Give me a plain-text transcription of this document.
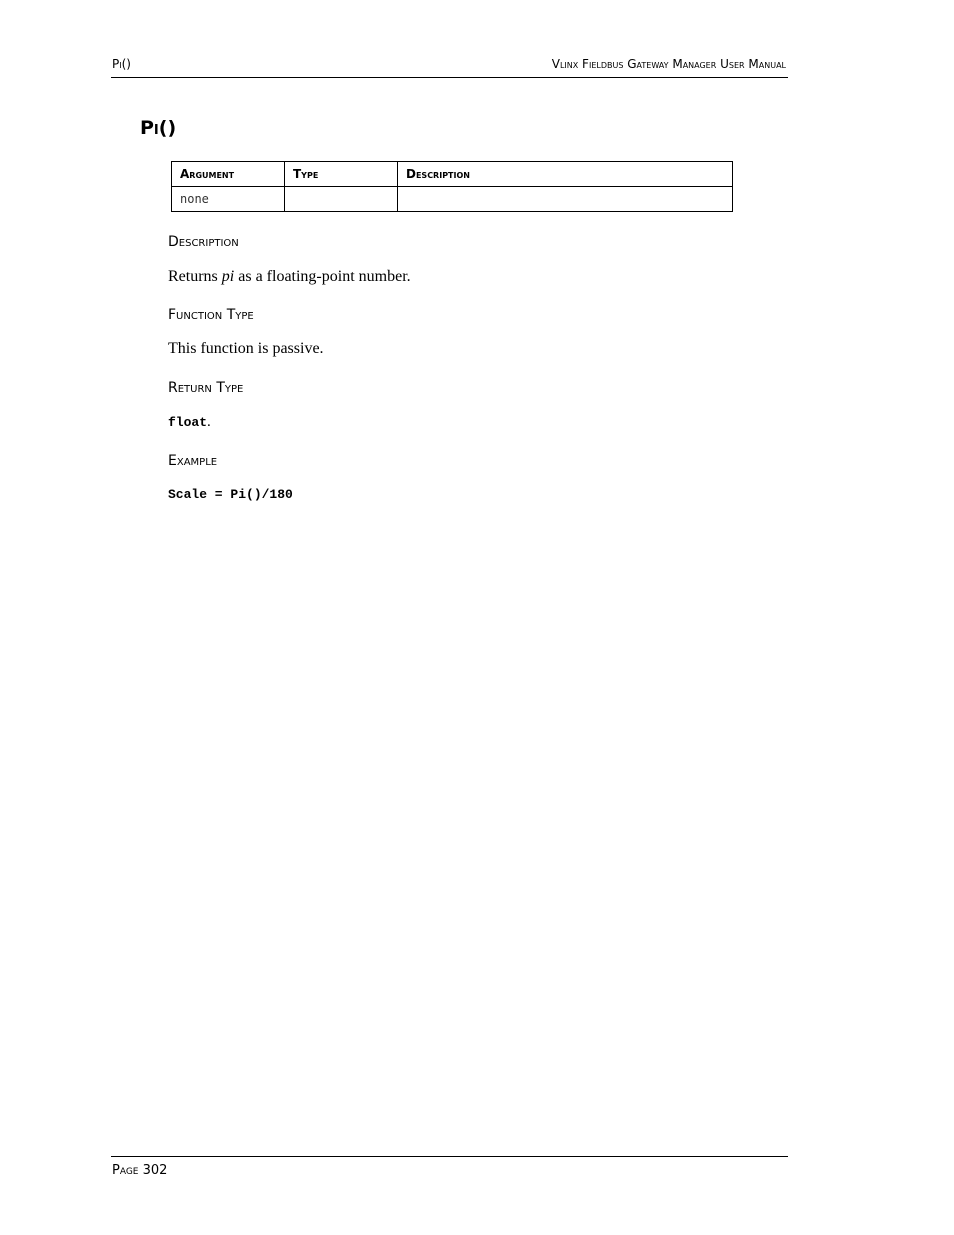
Pi()	Vlinx Fieldbus Gateway Manager User Manual
Pi()
Argument	Type	Description
none		
Description
Returns pi as a floating-point number.
Function Type
This function is passive.
Return Type
float.
Example
Scale = Pi()/180
Page 302
